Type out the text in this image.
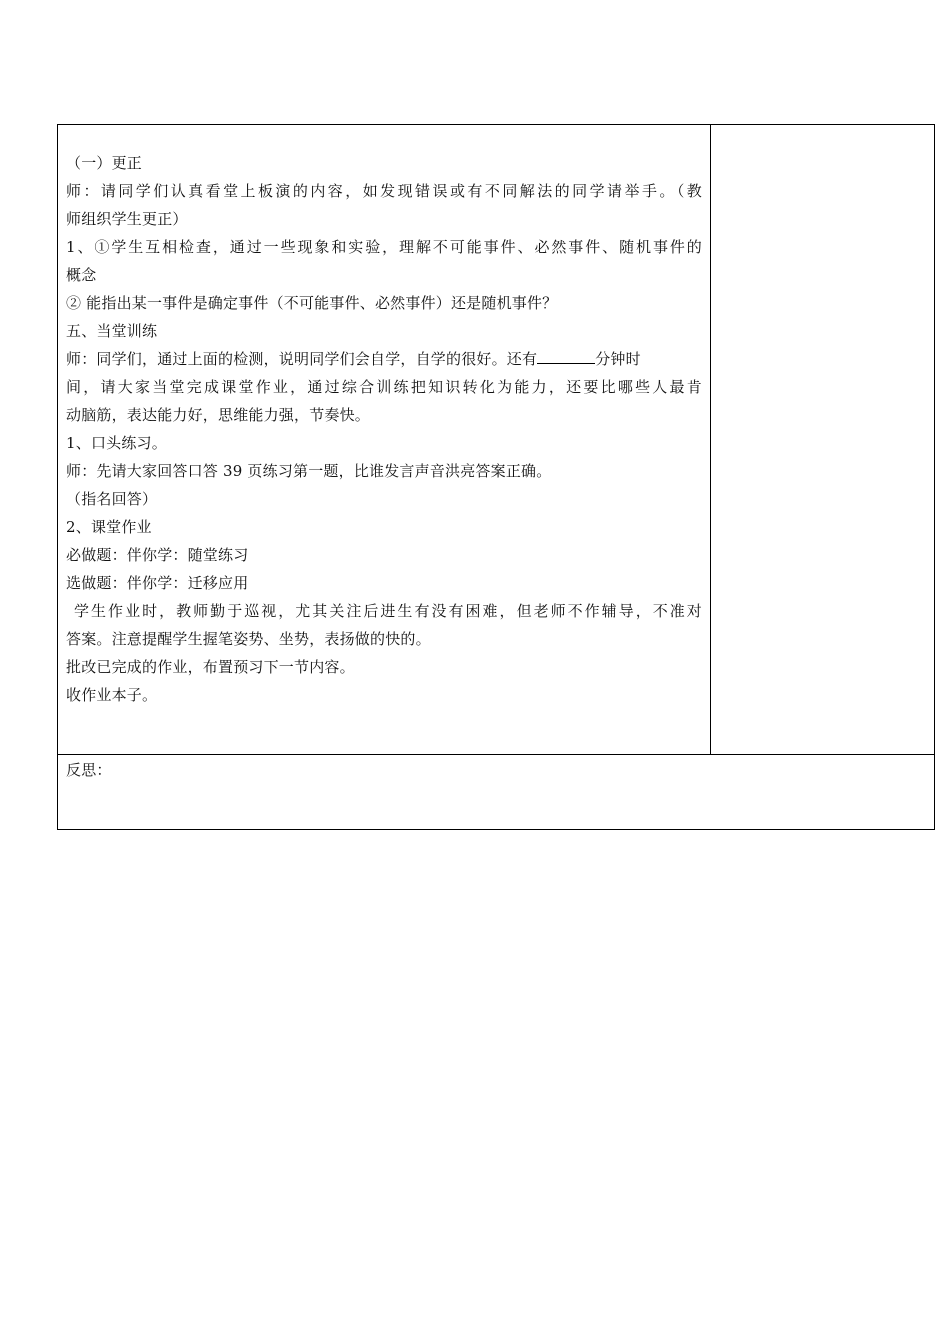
（一）更正
师：请同学们认真看堂上板演的内容，如发现错误或有不同解法的同学请举手。（教
师组织学生更正）
1、①学生互相检查，通过一些现象和实验，理解不可能事件、必然事件、随机事件的
概念
② 能指出某一事件是确定事件（不可能事件、必然事件）还是随机事件？
五、当堂训练
师：同学们，通过上面的检测，说明同学们会自学，自学的很好。还有	分钟时
间，请大家当堂完成课堂作业，通过综合训练把知识转化为能力，还要比哪些人最肯
动脑筋，表达能力好，思维能力强，节奏快。
1、口头练习。
师：先请大家回答口答 39 页练习第一题，比谁发言声音洪亮答案正确。
（指名回答）
2、课堂作业
必做题：伴你学：随堂练习
选做题：伴你学：迁移应用
学生作业时，教师勤于巡视，尤其关注后进生有没有困难，但老师不作辅导，不准对
答案。注意提醒学生握笔姿势、坐势，表扬做的快的。
批改已完成的作业，布置预习下一节内容。
收作业本子。
反思：
